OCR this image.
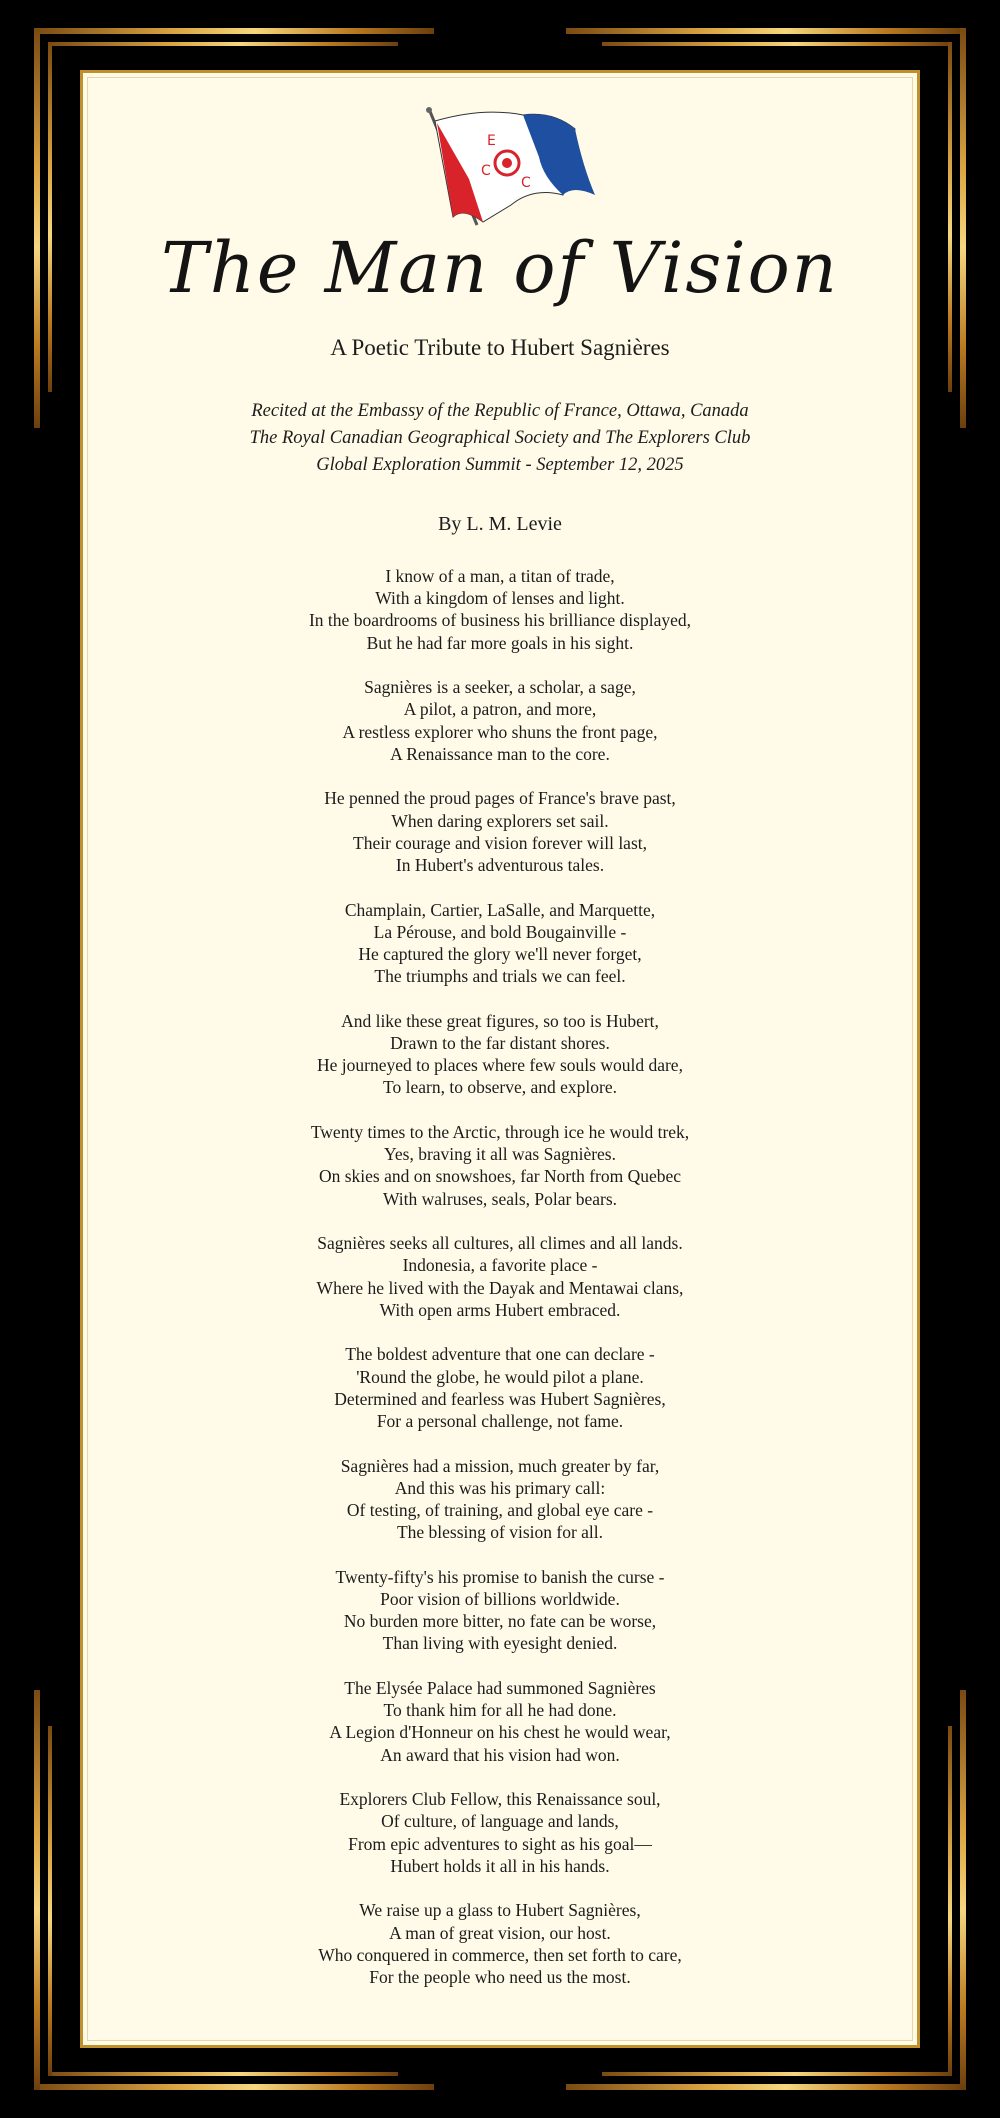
E
C
C
The Man of Vision
A Poetic Tribute to Hubert Sagnières
Recited at the Embassy of the Republic of France, Ottawa, Canada
The Royal Canadian Geographical Society and The Explorers Club
Global Exploration Summit - September 12, 2025
By L. M. Levie
I know of a man, a titan of trade,
With a kingdom of lenses and light.
In the boardrooms of business his brilliance displayed,
But he had far more goals in his sight.
Sagnières is a seeker, a scholar, a sage,
A pilot, a patron, and more,
A restless explorer who shuns the front page,
A Renaissance man to the core.
He penned the proud pages of France's brave past,
When daring explorers set sail.
Their courage and vision forever will last,
In Hubert's adventurous tales.
Champlain, Cartier, LaSalle, and Marquette,
La Pérouse, and bold Bougainville -
He captured the glory we'll never forget,
The triumphs and trials we can feel.
And like these great figures, so too is Hubert,
Drawn to the far distant shores.
He journeyed to places where few souls would dare,
To learn, to observe, and explore.
Twenty times to the Arctic, through ice he would trek,
Yes, braving it all was Sagnières.
On skies and on snowshoes, far North from Quebec
With walruses, seals, Polar bears.
Sagnières seeks all cultures, all climes and all lands.
Indonesia, a favorite place -
Where he lived with the Dayak and Mentawai clans,
With open arms Hubert embraced.
The boldest adventure that one can declare -
'Round the globe, he would pilot a plane.
Determined and fearless was Hubert Sagnières,
For a personal challenge, not fame.
Sagnières had a mission, much greater by far,
And this was his primary call:
Of testing, of training, and global eye care -
The blessing of vision for all.
Twenty-fifty's his promise to banish the curse -
Poor vision of billions worldwide.
No burden more bitter, no fate can be worse,
Than living with eyesight denied.
The Elysée Palace had summoned Sagnières
To thank him for all he had done.
A Legion d'Honneur on his chest he would wear,
An award that his vision had won.
Explorers Club Fellow, this Renaissance soul,
Of culture, of language and lands,
From epic adventures to sight as his goal—
Hubert holds it all in his hands.
We raise up a glass to Hubert Sagnières,
A man of great vision, our host.
Who conquered in commerce, then set forth to care,
For the people who need us the most.
